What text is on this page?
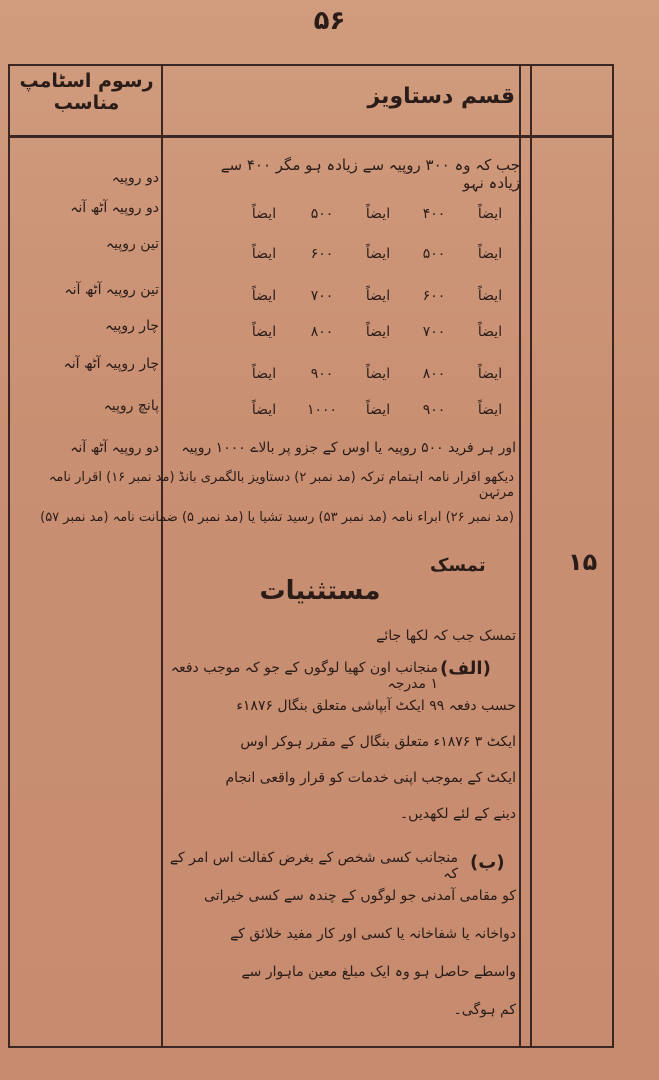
۵۶
قسم دستاویز
رسوم اسٹامپ مناسب
جب کہ وہ ۳۰۰ روپیہ سے زیادہ ہو مگر ۴۰۰ سے زیادہ نہو
دو روپیہ
دو روپیہ آٹھ آنہ
تین روپیہ
تین روپیہ آٹھ آنہ
چار روپیہ
چار روپیہ آٹھ آنہ
پانچ روپیہ
ایضاً
۴۰۰
ایضاً
۵۰۰
ایضاً
ایضاً
۵۰۰
ایضاً
۶۰۰
ایضاً
ایضاً
۶۰۰
ایضاً
۷۰۰
ایضاً
ایضاً
۷۰۰
ایضاً
۸۰۰
ایضاً
ایضاً
۸۰۰
ایضاً
۹۰۰
ایضاً
ایضاً
۹۰۰
ایضاً
۱۰۰۰
ایضاً
اور ہر فرید ۵۰۰ روپیہ یا اوس کے جزو پر بالاے ۱۰۰۰ روپیہ
دو روپیہ آٹھ آنہ
دیکھو اقرار نامہ اہتمام ترکہ (مد نمبر ۲) دستاویز بالگمری بانڈ (مد نمبر ۱۶) اقرار نامہ مرتہن
(مد نمبر ۲۶) ابراء نامہ (مد نمبر ۵۳) رسید تشیا یا (مد نمبر ۵) ضمانت نامہ (مد نمبر ۵۷)
۱۵
تمسک
مستثنیات
تمسک جب کہ لکھا جائے
(الف)
منجانب اون کھیا لوگوں کے جو کہ موجب دفعہ ۱ مدرجہ
حسب دفعہ ۹۹ ایکٹ آبپاشی متعلق بنگال ۱۸۷۶ء
ایکٹ ۳ ۱۸۷۶ء متعلق بنگال کے مقرر ہوکر اوس
ایکٹ کے بموجب اپنی خدمات کو قرار واقعی انجام
دینے کے لئے لکھدیں۔
(ب)
منجانب کسی شخص کے بغرض کفالت اس امر کے کہ
کو مقامی آمدنی جو لوگوں کے چندہ سے کسی خیراتی
دواخانہ یا شفاخانہ یا کسی اور کار مفید خلائق کے
واسطے حاصل ہو وہ ایک مبلغ معین ماہوار سے
کم ہوگی۔
